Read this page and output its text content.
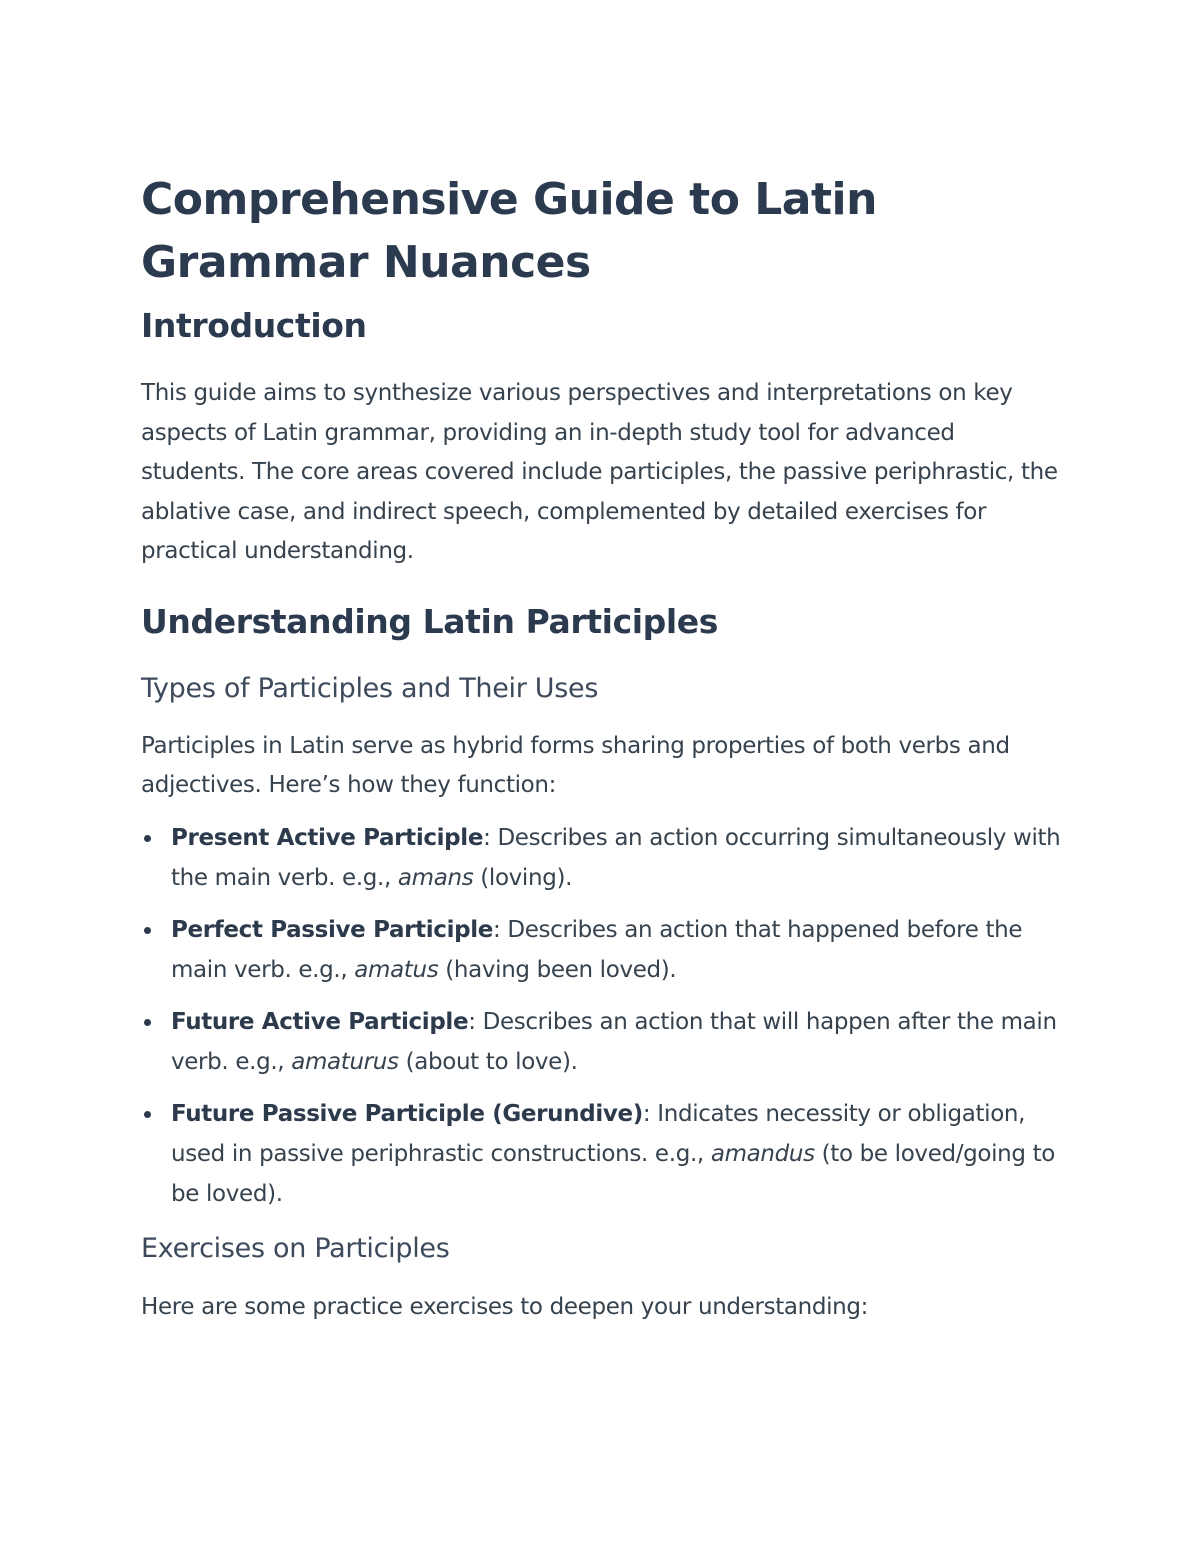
Comprehensive Guide to Latin Grammar Nuances
Introduction

This guide aims to synthesize various perspectives and interpretations on key aspects of Latin grammar, providing an in-depth study tool for advanced students. The core areas covered include participles, the passive periphrastic, the ablative case, and indirect speech, complemented by detailed exercises for practical understanding.

Understanding Latin Participles
Types of Participles and Their Uses

Participles in Latin serve as hybrid forms sharing properties of both verbs and adjectives. Here’s how they function:

Present Active Participle: Describes an action occurring simultaneously with the main verb. e.g., amans (loving).
Perfect Passive Participle: Describes an action that happened before the main verb. e.g., amatus (having been loved).
Future Active Participle: Describes an action that will happen after the main verb. e.g., amaturus (about to love).
Future Passive Participle (Gerundive): Indicates necessity or obligation, used in passive periphrastic constructions. e.g., amandus (to be loved/going to be loved).
Exercises on Participles

Here are some practice exercises to deepen your understanding:
